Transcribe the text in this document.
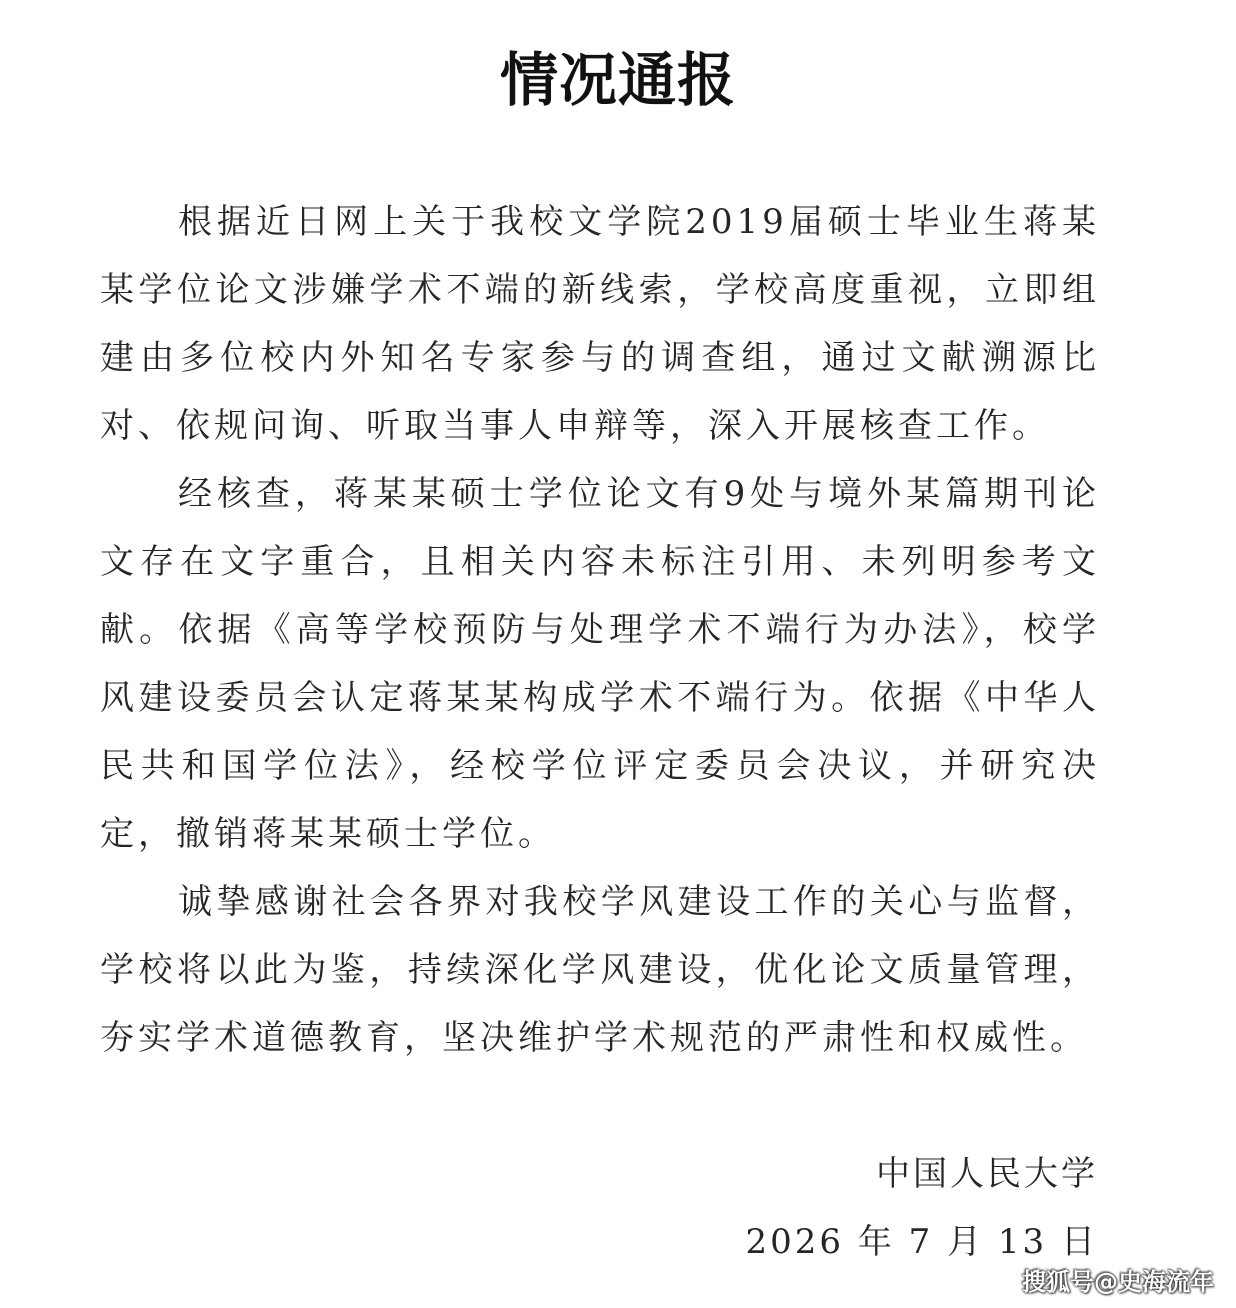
情况通报

根据近日网上关于我校文学院2019届硕士毕业生蒋某某学位论文涉嫌学术不端的新线索，学校高度重视，立即组建由多位校内外知名专家参与的调查组，通过文献溯源比对、依规问询、听取当事人申辩等，深入开展核查工作。

经核查，蒋某某硕士学位论文有9处与境外某篇期刊论文存在文字重合，且相关内容未标注引用、未列明参考文献。依据《高等学校预防与处理学术不端行为办法》，校学风建设委员会认定蒋某某构成学术不端行为。依据《中华人民共和国学位法》，经校学位评定委员会决议，并研究决定，撤销蒋某某硕士学位。

诚挚感谢社会各界对我校学风建设工作的关心与监督，学校将以此为鉴，持续深化学风建设，优化论文质量管理，夯实学术道德教育，坚决维护学术规范的严肃性和权威性。

中国人民大学
2026 年 7 月 13 日
搜狐号@史海流年
